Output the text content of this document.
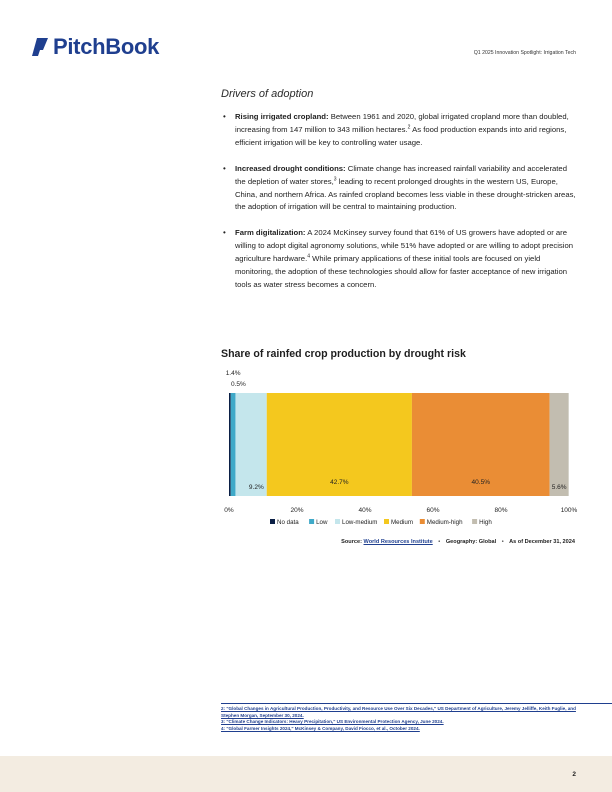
PitchBook	Q1 2025 Innovation Spotlight: Irrigation Tech
Drivers of adoption
• Rising irrigated cropland: Between 1961 and 2020, global irrigated cropland more than doubled, increasing from 147 million to 343 million hectares.$^2$ As food production expands into arid regions, efficient irrigation will be key to controlling water usage.
• Increased drought conditions: Climate change has increased rainfall variability and accelerated the depletion of water stores,$^3$ leading to recent prolonged droughts in the western US, Europe, China, and northern Africa. As rainfed cropland becomes less viable in these drought-stricken areas, the adoption of irrigation will be central to maintaining production.
• Farm digitalization: A 2024 McKinsey survey found that 61% of US growers have adopted or are willing to adopt digital agronomy solutions, while 51% have adopted or are willing to adopt precision agriculture hardware.$^4$ While primary applications of these initial tools are focused on yield monitoring, the adoption of these technologies should allow for faster acceptance of new irrigation tools as water stress becomes a concern.
Share of rainfed crop production by drought risk
0.5%
1.4%
9.2%
42.7%	40.5%
5.6%
0%	20%	40%	60%	80%	100%
No data	Low Low-medium Medium Medium-high	High
Source: World Resources Institute • Geography: Global • As of December 31, 2024
2: "Global Changes in Agricultural Production, Productivity, and Resource Use Over Six Decades," US Department of Agriculture, Jeremy Jelliffe, Keith Fuglie, and Stephen Morgan, September 30, 2024.
3: "Climate Change Indicators: Heavy Precipitation," US Environmental Protection Agency, June 2024.
4: "Global Farmer Insights 2024," McKinsey & Company, David Fiocco, et al., October 2024.
2
